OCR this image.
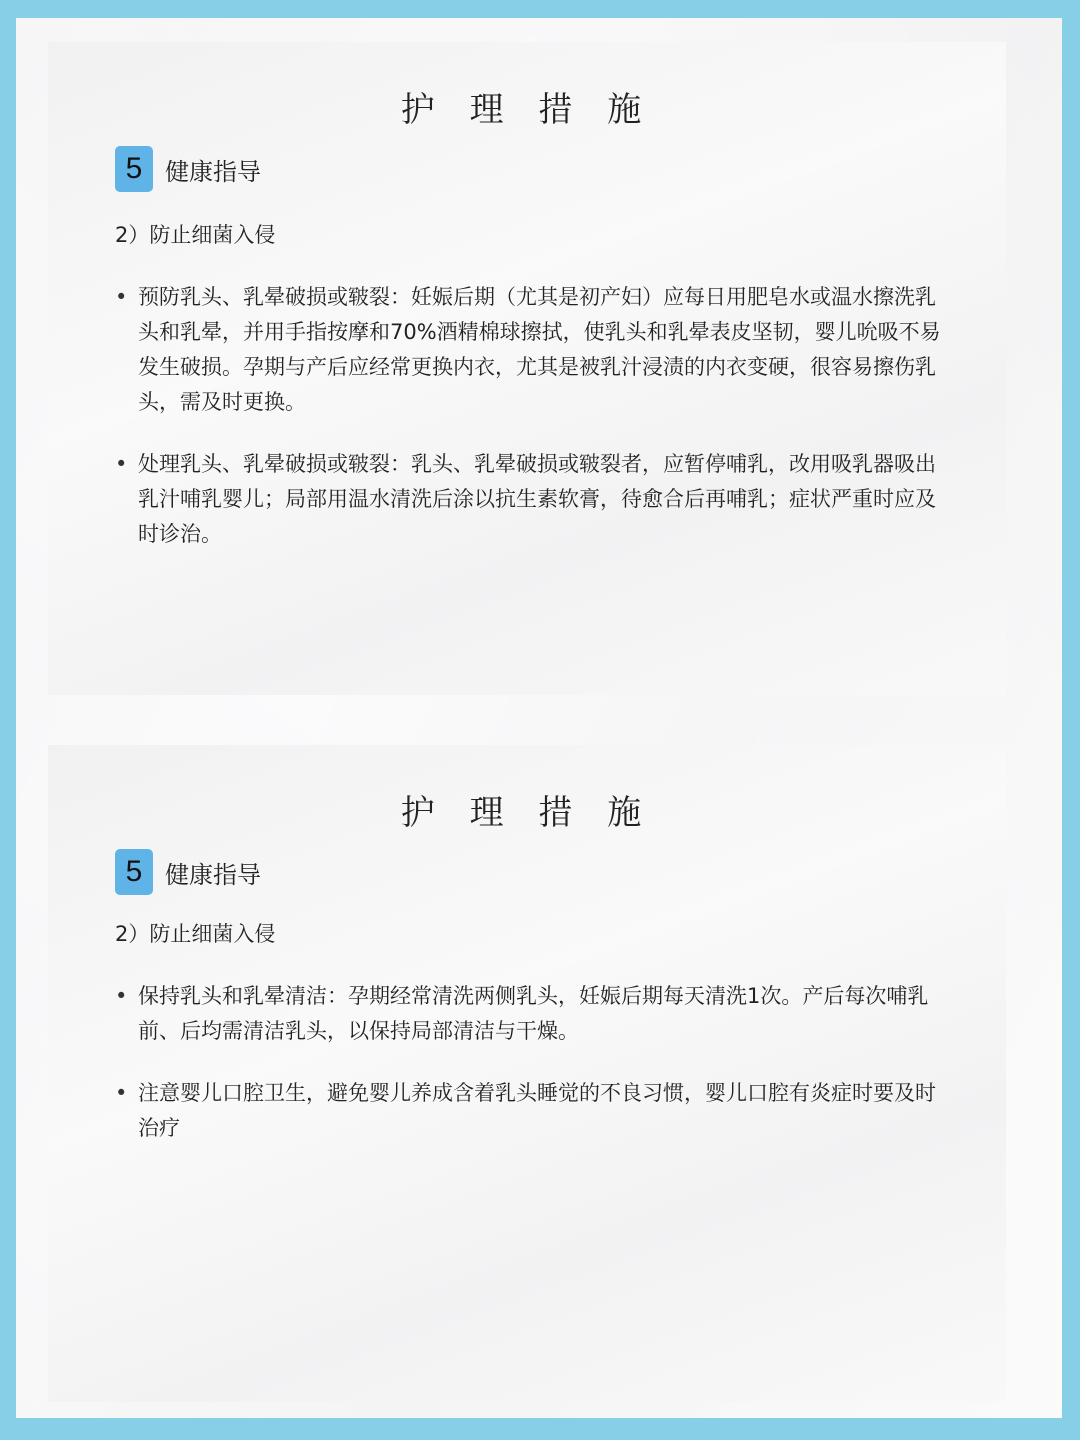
护 理 措 施
5 健康指导
2）防止细菌入侵
• 预防乳头、乳晕破损或皲裂：妊娠后期（尤其是初产妇）应每日用肥皂水或温水擦洗乳头和乳晕，并用手指按摩和70%酒精棉球擦拭，使乳头和乳晕表皮坚韧，婴儿吮吸不易发生破损。孕期与产后应经常更换内衣，尤其是被乳汁浸渍的内衣变硬，很容易擦伤乳头，需及时更换。
• 处理乳头、乳晕破损或皲裂：乳头、乳晕破损或皲裂者，应暂停哺乳，改用吸乳器吸出乳汁哺乳婴儿；局部用温水清洗后涂以抗生素软膏，待愈合后再哺乳；症状严重时应及时诊治。
护 理 措 施
5 健康指导
2）防止细菌入侵
• 保持乳头和乳晕清洁：孕期经常清洗两侧乳头，妊娠后期每天清洗1次。产后每次哺乳前、后均需清洁乳头，以保持局部清洁与干燥。
• 注意婴儿口腔卫生，避免婴儿养成含着乳头睡觉的不良习惯，婴儿口腔有炎症时要及时治疗
